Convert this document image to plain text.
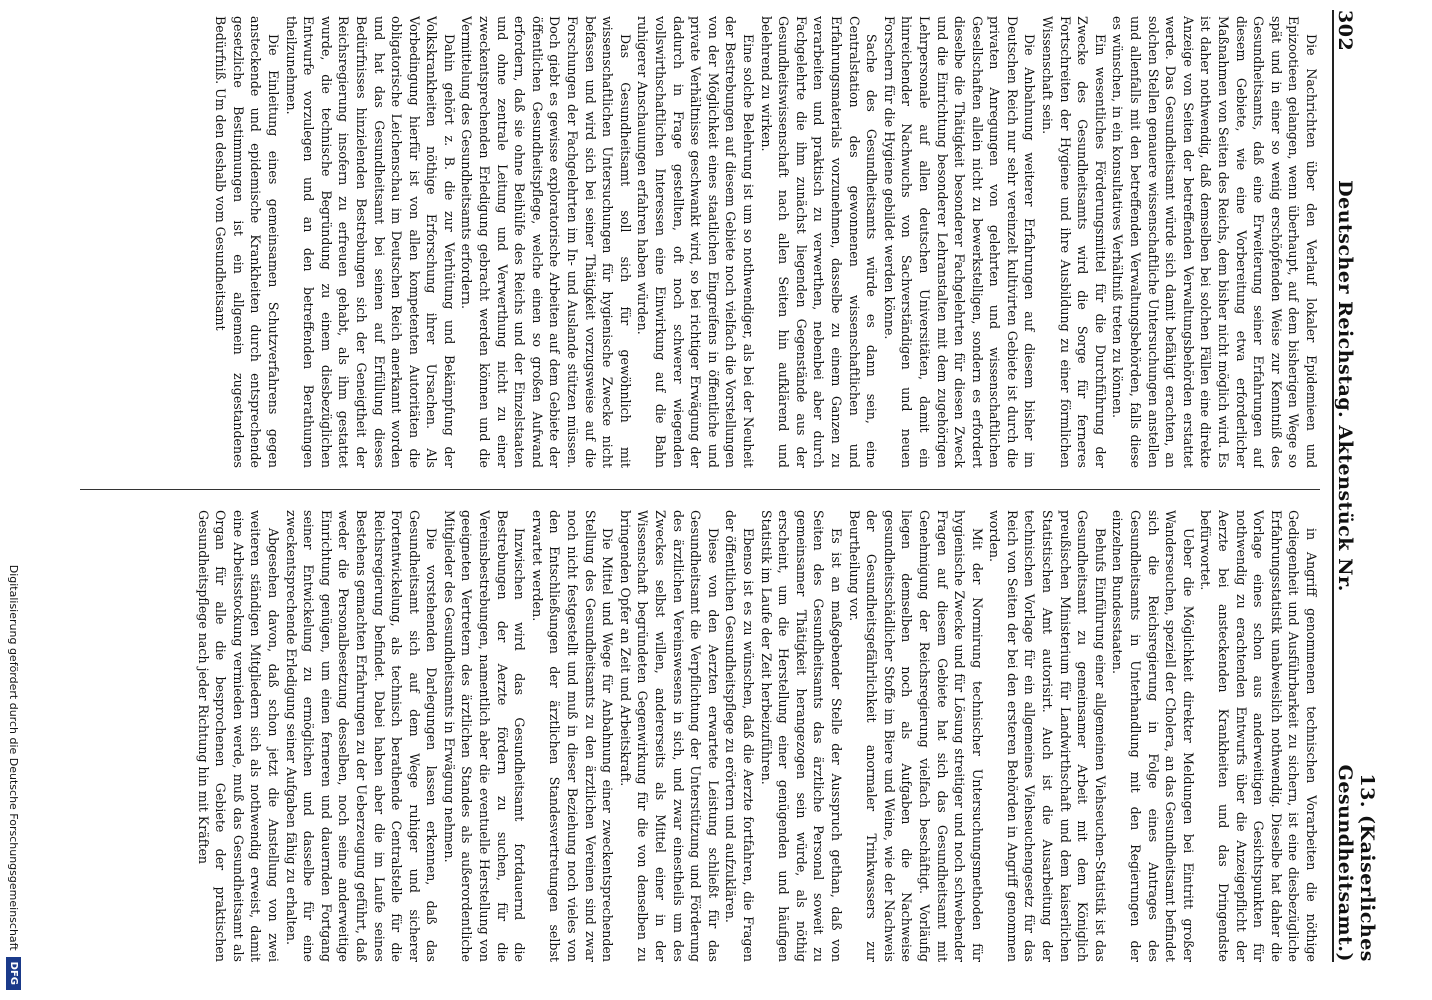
302
Deutscher Reichstag. Aktenstück Nr.
13. (Kaiserliches Gesundheitsamt.)

Die Nachrichten über den Verlauf lokaler Epidemieen und Epizootieen gelangen, wenn überhaupt, auf dem bisherigen Wege so spät und in einer so wenig erschöpfenden Weise zur Kenntniß des Gesundheitsamts, daß eine Erweiterung seiner Erfahrungen auf diesem Gebiete, wie eine Vorbereitung etwa erforderlicher Maßnahmen von Seiten des Reichs, dem bisher nicht möglich wird. Es ist daher nothwendig, daß demselben bei solchen Fällen eine direkte Anzeige von Seiten der betreffenden Verwaltungsbehörden erstattet werde. Das Gesundheitsamt würde sich damit befähigt erachten, an solchen Stellen genauere wissenschaftliche Untersuchungen anstellen und allenfalls mit den betreffenden Verwaltungsbehörden, falls diese es wünschen, in ein konsultatives Verhältniß treten zu können.

Ein wesentliches Förderungsmittel für die Durchführung der Zwecke des Gesundheitsamts wird die Sorge für ferneres Fortschreiten der Hygiene und ihre Ausbildung zu einer förmlichen Wissenschaft sein.

Die Anbahnung weiterer Erfahrungen auf diesem bisher im Deutschen Reich nur sehr vereinzelt kultivirten Gebiete ist durch die privaten Anregungen von gelehrten und wissenschaftlichen Gesellschaften allein nicht zu bewerkstelligen, sondern es erfordert dieselbe die Thätigkeit besonderer Fachgelehrten für diesen Zweck und die Einrichtung besonderer Lehranstalten mit dem zugehörigen Lehrpersonale auf allen deutschen Universitäten, damit ein hinreichender Nachwuchs von Sachverständigen und neuen Forschern für die Hygiene gebildet werden könne.

Sache des Gesundheitsamts würde es dann sein, eine Centralstation des gewonnenen wissenschaftlichen und Erfahrungsmaterials vorzunehmen, dasselbe zu einem Ganzen zu verarbeiten und praktisch zu verwerthen, nebenbei aber durch Fachgelehrte die ihm zunächst liegenden Gegenstände aus der Gesundheitswissenschaft nach allen Seiten hin aufklärend und belehrend zu wirken.

Eine solche Belehrung ist um so nothwendiger, als bei der Neuheit der Bestrebungen auf diesem Gebiete noch vielfach die Vorstellungen von der Möglichkeit eines staatlichen Eingreifens in öffentliche und private Verhältnisse geschwankt wird, so bei richtiger Erwägung der dadurch in Frage gestellten, oft noch schwerer wiegenden vollswirthschaftlichen Interessen eine Einwirkung auf die Bahn ruhigerer Anschauungen erfahren haben würden.

Das Gesundheitsamt soll sich für gewöhnlich mit wissenschaftlichen Untersuchungen für hygienische Zwecke nicht befassen und wird sich bei seiner Thätigkeit vorzugsweise auf die Forschungen der Fachgelehrten im In- und Auslande stützen müssen. Doch giebt es gewisse exploratorische Arbeiten auf dem Gebiete der öffentlichen Gesundheitspflege, welche einen so großen Aufwand erfordern, daß sie ohne Beihülfe des Reichs und der Einzelstaaten und ohne zentrale Leitung und Verwerthung nicht zu einer zweckentsprechenden Erledigung gebracht werden können und die Vermittelung des Gesundheitsamts erfordern.

Dahin gehört z. B. die zur Verhütung und Bekämpfung der Volkskrankheiten nöthige Erforschung ihrer Ursachen. Als Vorbedingung hierfür ist von allen kompetenten Autoritäten die obligatorische Leichenschau im Deutschen Reich anerkannt worden und hat das Gesundheitsamt bei seinen auf Erfüllung dieses Bedürfnisses hinzielenden Bestrebungen sich der Geneigtheit der Reichsregierung insofern zu erfreuen gehabt, als ihm gestattet wurde, die technische Begründung zu einem diesbezüglichen Entwurfe vorzulegen und an den betreffenden Berathungen theilzunehmen.

Die Einleitung eines gemeinsamen Schutzverfahrens gegen ansteckende und epidemische Krankheiten durch entsprechende gesetzliche Bestimmungen ist ein allgemein zugestandenes Bedürfniß. Um den deshalb vom Gesundheitsamt

in Angriff genommenen technischen Vorarbeiten die nöthige Gediegenheit und Ausführbarkeit zu sichern, ist eine diesbezügliche Erfahrungsstatistik unabweislich nothwendig. Dieselbe hat daher die Vorlage eines schon aus anderweitigen Gesichtspunkten für nothwendig zu erachtenden Entwurfs über die Anzeigepflicht der Aerzte bei ansteckenden Krankheiten und das Dringendste befürwortet.

Ueber die Möglichkeit direkter Meldungen bei Eintritt großer Wanderseuchen, speziell der Cholera, an das Gesundheitsamt befindet sich die Reichsregierung in Folge eines Antrages des Gesundheitsamts in Unterhandlung mit den Regierungen der einzelnen Bundesstaaten.

Behufs Einführung einer allgemeinen Viehseuchen-Statistik ist das Gesundheitsamt zu gemeinsamer Arbeit mit dem Königlich preußischen Ministerium für Landwirthschaft und dem kaiserlichen Statistischen Amt autorisirt. Auch ist die Ausarbeitung der technischen Vorlage für ein allgemeines Viehseuchengesetz für das Reich von Seiten der bei den ersteren Behörden in Angriff genommen worden.

Mit der Normirung technischer Untersuchungsmethoden für hygienische Zwecke und für Lösung streitiger und noch schwebender Fragen auf diesem Gebiete hat sich das Gesundheitsamt mit Genehmigung der Reichsregierung vielfach beschäftigt. Vorläufig liegen demselben noch als Aufgaben die Nachweise gesundheitsschädlicher Stoffe im Biere und Weine, wie der Nachweis der Gesundheitsgefährlichkeit anormaler Trinkwassers zur Beurtheilung vor.

Es ist an maßgebender Stelle der Ausspruch gethan, daß von Seiten des Gesundheitsamts das ärztliche Personal soweit zu gemeinsamer Thätigkeit herangezogen sein würde, als nöthig erscheint, um die Herstellung einer genügenden und häufigen Statistik im Laufe der Zeit herbeizuführen.

Ebenso ist es zu wünschen, daß die Aerzte fortfahren, die Fragen der öffentlichen Gesundheitspflege zu erörtern und aufzuklären.

Diese von den Aerzten erwartete Leistung schließt für das Gesundheitsamt die Verpflichtung der Unterstützung und Förderung des ärztlichen Vereinswesens in sich, und zwar einestheils um des Zweckes selbst willen, andererseits als Mittel einer in der Wissenschaft begründeten Gegenwirkung für die von denselben zu bringenden Opfer an Zeit und Arbeitskraft.

Die Mittel und Wege für Anbahnung einer zweckentsprechenden Stellung des Gesundheitsamts zu den ärztlichen Vereinen sind zwar noch nicht festgestellt und muß in dieser Beziehung noch vieles von den Entschließungen der ärztlichen Standesvertretungen selbst erwartet werden.

Inzwischen wird das Gesundheitsamt fortdauernd die Bestrebungen der Aerzte fördern zu suchen, für die Vereinsbestrebungen, namentlich aber die eventuelle Herstellung von geeigneten Vertretern des ärztlichen Standes als außerordentliche Mitglieder des Gesundheitsamts in Erwägung nehmen.

Die vorstehenden Darlegungen lassen erkennen, daß das Gesundheitsamt sich auf dem Wege ruhiger und sicherer Fortentwickelung, als technisch berathende Centralstelle für die Reichsregierung befindet. Dabei haben aber die im Laufe seines Bestehens gemachten Erfahrungen zu der Ueberzeugung geführt, daß weder die Personalbesetzung desselben, noch seine anderweitige Einrichtung genügen, um einen ferneren und dauernden Fortgang seiner Entwickelung zu ermöglichen und dasselbe für eine zweckentsprechende Erledigung seiner Aufgaben fähig zu erhalten.

Abgesehen davon, daß schon jetzt die Anstellung von zwei weiteren ständigen Mitgliedern sich als nothwendig erweist, damit eine Arbeitsstockung vermieden werde, muß das Gesundheitsamt als Organ für alle die besprochenen Gebiete der praktischen Gesundheitspflege nach jeder Richtung hin mit Kräften

Digitalisierung gefördert durch die Deutsche Forschungsgemeinschaft
DFG
